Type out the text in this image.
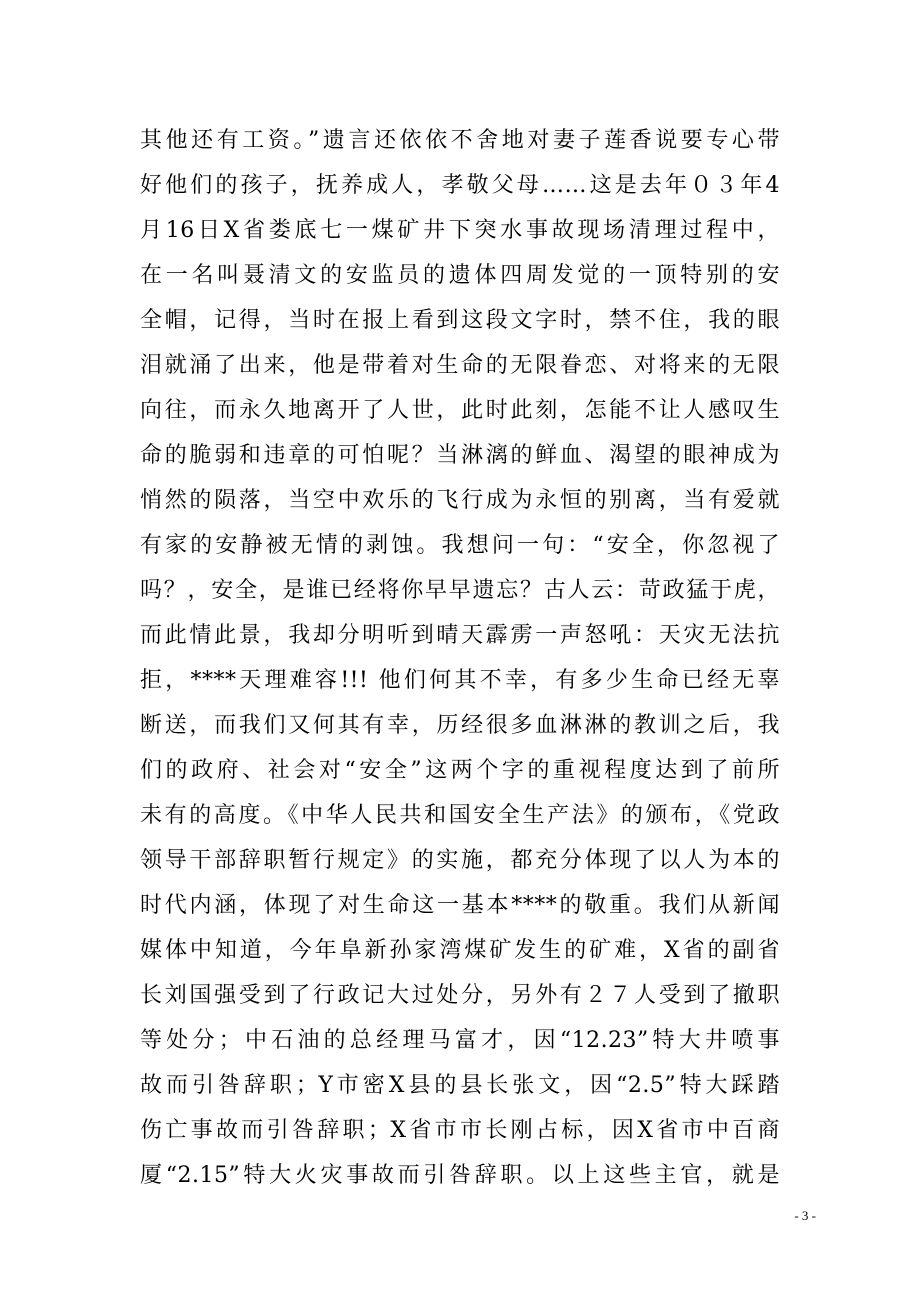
其他还有工资。”遗言还依依不舍地对妻子莲香说要专心带
好他们的孩子，抚养成人，孝敬父母……这是去年０３年4
月16日X省娄底七一煤矿井下突水事故现场清理过程中，
在一名叫聂清文的安监员的遗体四周发觉的一顶特别的安
全帽，记得，当时在报上看到这段文字时，禁不住，我的眼
泪就涌了出来，他是带着对生命的无限眷恋、对将来的无限
向往，而永久地离开了人世，此时此刻，怎能不让人感叹生
命的脆弱和违章的可怕呢？当淋漓的鲜血、渴望的眼神成为
悄然的陨落，当空中欢乐的飞行成为永恒的别离，当有爱就
有家的安静被无情的剥蚀。我想问一句：“安全，你忽视了
吗？，安全，是谁已经将你早早遗忘？古人云：苛政猛于虎，
而此情此景，我却分明听到晴天霹雳一声怒吼：天灾无法抗
拒，****天理难容!!! 他们何其不幸，有多少生命已经无辜
断送，而我们又何其有幸，历经很多血淋淋的教训之后，我
们的政府、社会对“安全”这两个字的重视程度达到了前所
未有的高度。《中华人民共和国安全生产法》的颁布，《党政
领导干部辞职暂行规定》的实施，都充分体现了以人为本的
时代内涵，体现了对生命这一基本****的敬重。我们从新闻
媒体中知道，今年阜新孙家湾煤矿发生的矿难，X省的副省
长刘国强受到了行政记大过处分，另外有２７人受到了撤职
等处分；中石油的总经理马富才，因“12.23”特大井喷事
故而引咎辞职；Y市密X县的县长张文，因“2.5”特大踩踏
伤亡事故而引咎辞职；X省市市长刚占标，因X省市中百商
厦“2.15”特大火灾事故而引咎辞职。以上这些主官，就是
- 3 -
